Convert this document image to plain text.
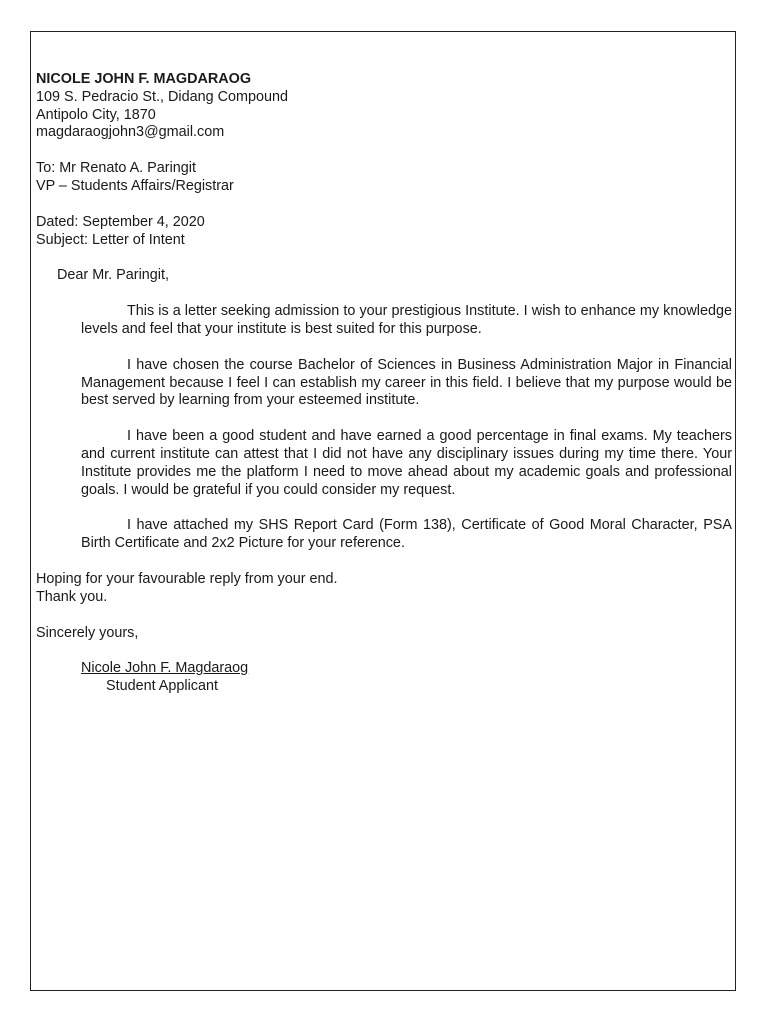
NICOLE JOHN F. MAGDARAOG
109 S. Pedracio St., Didang Compound
Antipolo City, 1870
magdaraogjohn3@gmail.com
To: Mr Renato A. Paringit
VP – Students Affairs/Registrar
Dated: September 4, 2020
Subject: Letter of Intent
Dear Mr. Paringit,

This is a letter seeking admission to your prestigious Institute. I wish to enhance my knowledge levels and feel that your institute is best suited for this purpose.

I have chosen the course Bachelor of Sciences in Business Administration Major in Financial Management because I feel I can establish my career in this field. I believe that my purpose would be best served by learning from your esteemed institute.

I have been a good student and have earned a good percentage in final exams. My teachers and current institute can attest that I did not have any disciplinary issues during my time there. Your Institute provides me the platform I need to move ahead about my academic goals and professional goals. I would be grateful if you could consider my request.

I have attached my SHS Report Card (Form 138), Certificate of Good Moral Character, PSA Birth Certificate and 2x2 Picture for your reference.

Hoping for your favourable reply from your end.
Thank you.
Sincerely yours,
Nicole John F. Magdaraog
Student Applicant
